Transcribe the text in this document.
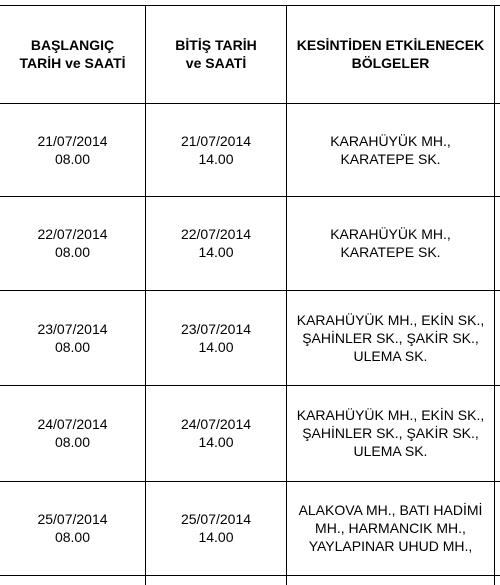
BAŞLANGIÇ
TARİH ve SAATİ
BİTİŞ TARİH
ve SAATİ
KESİNTİDEN ETKİLENECEK
BÖLGELER
21/07/2014
08.00
21/07/2014
14.00
KARAHÜYÜK MH.,
KARATEPE SK.
22/07/2014
08.00
22/07/2014
14.00
KARAHÜYÜK MH.,
KARATEPE SK.
23/07/2014
08.00
23/07/2014
14.00
KARAHÜYÜK MH., EKİN SK.,
ŞAHİNLER SK., ŞAKİR SK.,
ULEMA SK.
24/07/2014
08.00
24/07/2014
14.00
KARAHÜYÜK MH., EKİN SK.,
ŞAHİNLER SK., ŞAKİR SK.,
ULEMA SK.
25/07/2014
08.00
25/07/2014
14.00
ALAKOVA MH., BATI HADİMİ
MH., HARMANCIK MH.,
YAYLAPINAR UHUD MH.,
